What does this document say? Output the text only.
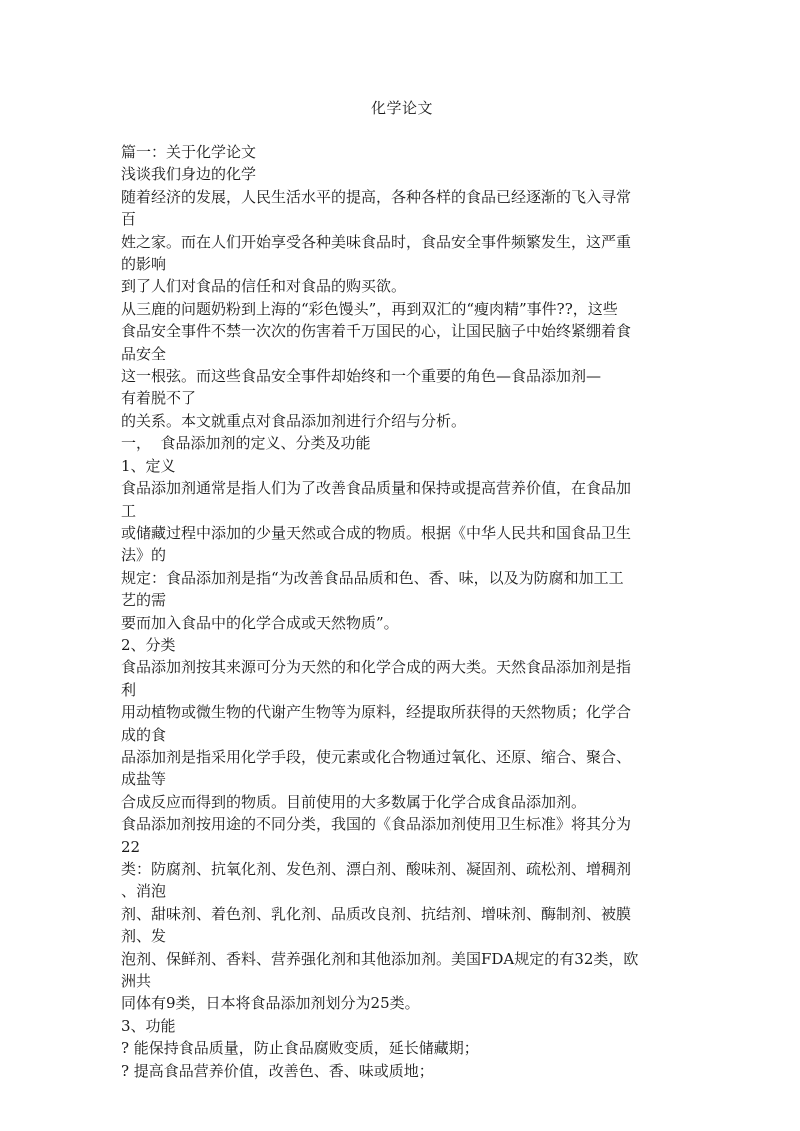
化学论文
篇一：关于化学论文
浅谈我们身边的化学
随着经济的发展，人民生活水平的提高，各种各样的食品已经逐渐的飞入寻常
百
姓之家。而在人们开始享受各种美味食品时，食品安全事件频繁发生，这严重
的影响
到了人们对食品的信任和对食品的购买欲。
从三鹿的问题奶粉到上海的“彩色馒头”，再到双汇的“瘦肉精”事件??，这些
食品安全事件不禁一次次的伤害着千万国民的心，让国民脑子中始终紧绷着食
品安全
这一根弦。而这些食品安全事件却始终和一个重要的角色—食品添加剂—
有着脱不了
的关系。本文就重点对食品添加剂进行介绍与分析。
一，  食品添加剂的定义、分类及功能
1、定义
食品添加剂通常是指人们为了改善食品质量和保持或提高营养价值，在食品加
工
或储藏过程中添加的少量天然或合成的物质。根据《中华人民共和国食品卫生
法》的
规定：食品添加剂是指“为改善食品品质和色、香、味，以及为防腐和加工工
艺的需
要而加入食品中的化学合成或天然物质”。
2、分类
食品添加剂按其来源可分为天然的和化学合成的两大类。天然食品添加剂是指
利
用动植物或微生物的代谢产生物等为原料，经提取所获得的天然物质；化学合
成的食
品添加剂是指采用化学手段，使元素或化合物通过氧化、还原、缩合、聚合、
成盐等
合成反应而得到的物质。目前使用的大多数属于化学合成食品添加剂。
食品添加剂按用途的不同分类，我国的《食品添加剂使用卫生标准》将其分为
22
类：防腐剂、抗氧化剂、发色剂、漂白剂、酸味剂、凝固剂、疏松剂、增稠剂
、消泡
剂、甜味剂、着色剂、乳化剂、品质改良剂、抗结剂、增味剂、酶制剂、被膜
剂、发
泡剂、保鲜剂、香料、营养强化剂和其他添加剂。美国FDA规定的有32类，欧
洲共
同体有9类，日本将食品添加剂划分为25类。
3、功能
? 能保持食品质量，防止食品腐败变质，延长储藏期；
? 提高食品营养价值，改善色、香、味或质地；
